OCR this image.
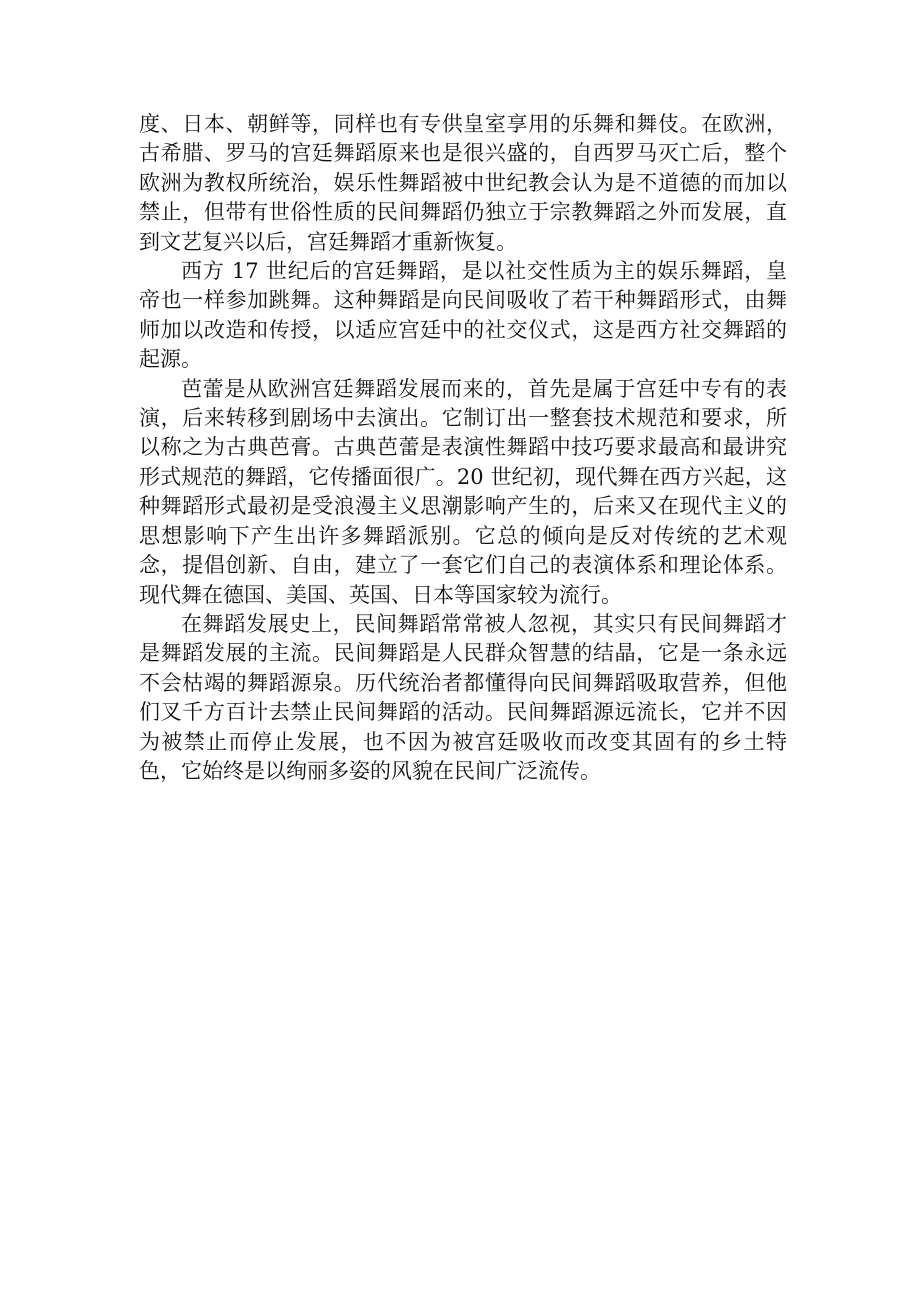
度、日本、朝鲜等，同样也有专供皇室享用的乐舞和舞伎。在欧洲，古希腊、罗马的宫廷舞蹈原来也是很兴盛的，自西罗马灭亡后，整个欧洲为教权所统治，娱乐性舞蹈被中世纪教会认为是不道德的而加以禁止，但带有世俗性质的民间舞蹈仍独立于宗教舞蹈之外而发展，直到文艺复兴以后，宫廷舞蹈才重新恢复。

西方 17 世纪后的宫廷舞蹈，是以社交性质为主的娱乐舞蹈，皇帝也一样参加跳舞。这种舞蹈是向民间吸收了若干种舞蹈形式，由舞师加以改造和传授，以适应宫廷中的社交仪式，这是西方社交舞蹈的起源。

芭蕾是从欧洲宫廷舞蹈发展而来的，首先是属于宫廷中专有的表演，后来转移到剧场中去演出。它制订出一整套技术规范和要求，所以称之为古典芭膏。古典芭蕾是表演性舞蹈中技巧要求最高和最讲究形式规范的舞蹈，它传播面很广。20 世纪初，现代舞在西方兴起，这种舞蹈形式最初是受浪漫主义思潮影响产生的，后来又在现代主义的思想影响下产生出许多舞蹈派别。它总的倾向是反对传统的艺术观念，提倡创新、自由，建立了一套它们自己的表演体系和理论体系。现代舞在德国、美国、英国、日本等国家较为流行。

在舞蹈发展史上，民间舞蹈常常被人忽视，其实只有民间舞蹈才是舞蹈发展的主流。民间舞蹈是人民群众智慧的结晶，它是一条永远不会枯竭的舞蹈源泉。历代统治者都懂得向民间舞蹈吸取营养，但他们叉千方百计去禁止民间舞蹈的活动。民间舞蹈源远流长，它并不因为被禁止而停止发展，也不因为被宫廷吸收而改变其固有的乡土特色，它始终是以绚丽多姿的风貌在民间广泛流传。
